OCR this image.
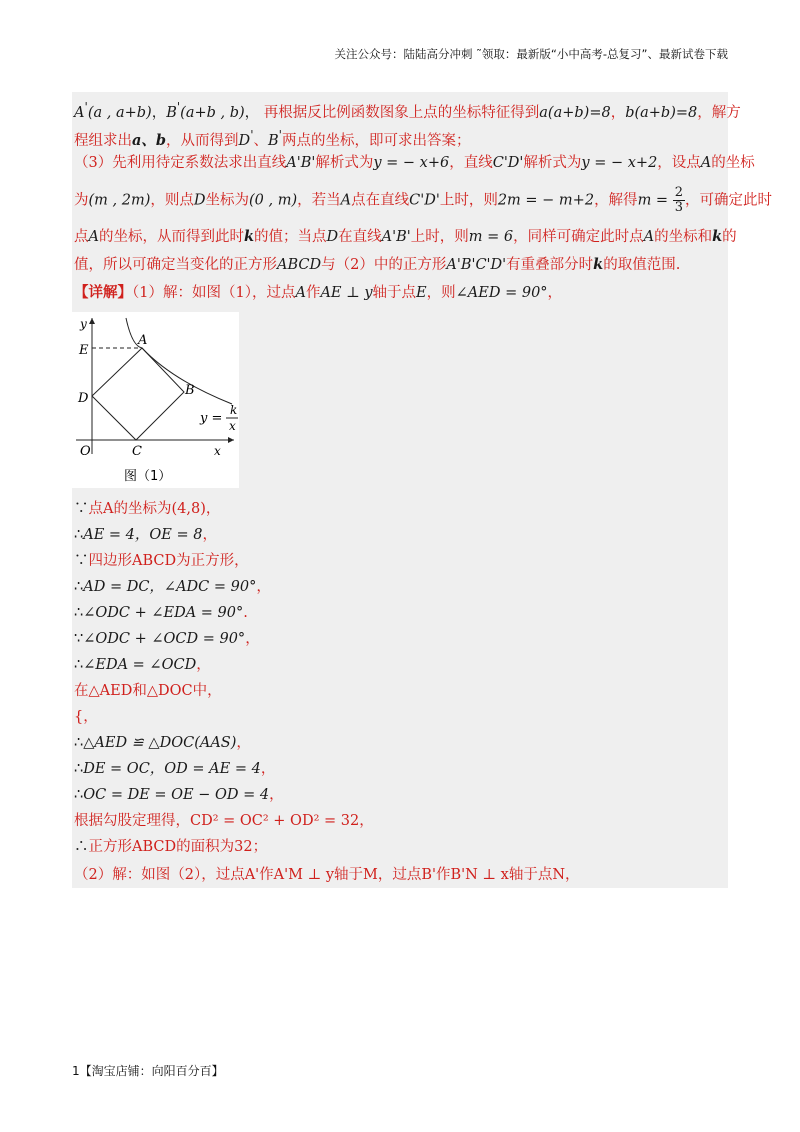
关注公众号：陆陆高分冲刺 ˜领取：最新版“小中高考-总复习”、最新试卷下载
A'(a , a+b)，B'(a+b , b)， 再根据反比例函数图象上点的坐标特征得到a(a+b)=8，b(a+b)=8，解方
程组求出a、b，从而得到D'、B'两点的坐标，即可求出答案；
（3）先利用待定系数法求出直线A'B'解析式为y = − x+6，直线C'D'解析式为y = − x+2，设点A的坐标
为(m , 2m)，则点D坐标为(0 , m)，若当A点在直线C'D'上时，则2m = − m+2，解得$m = \frac{2}{3}$ ，可确定此时
点A的坐标，从而得到此时k的值；当点D在直线A'B'上时，则m = 6，同样可确定此时点A的坐标和k的
值，所以可确定当变化的正方形ABCD与（2）中的正方形A'B'C'D'有重叠部分时k的取值范围.
【详解】（1）解：如图（1），过点A作AE ⊥ y轴于点E，则∠AED = 90°，
y
E
A
B
D
O	C	x
y =
k
x
图（1）
∵点A的坐标为(4,8)，
∴AE = 4，OE = 8，
∵四边形ABCD为正方形，
∴AD = DC，∠ADC = 90°，
∴∠ODC + ∠EDA = 90°.
∵∠ODC + ∠OCD = 90°，
∴∠EDA = ∠OCD，
在△AED和△DOC中，
{，
∴△AED ≌ △DOC(AAS)，
∴DE = OC，OD = AE = 4，
∴OC = DE = OE − OD = 4，
根据勾股定理得，CD² = OC² + OD² = 32，
∴正方形ABCD的面积为32；
（2）解：如图（2），过点A'作A'M ⊥ y轴于M，过点B'作B'N ⊥ x轴于点N，
1【淘宝店铺：向阳百分百】
